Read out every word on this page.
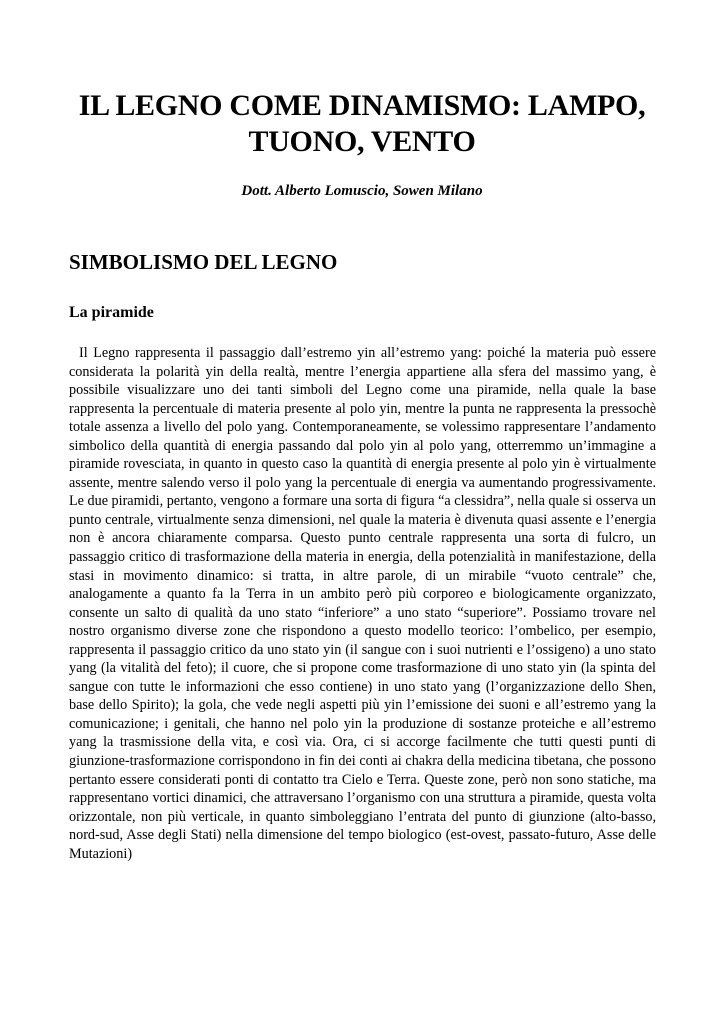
IL LEGNO COME DINAMISMO: LAMPO, TUONO, VENTO
Dott. Alberto Lomuscio, Sowen Milano
SIMBOLISMO DEL LEGNO
La piramide

Il Legno rappresenta il passaggio dall’estremo yin all’estremo yang: poiché la materia può essere considerata la polarità yin della realtà, mentre l’energia appartiene alla sfera del massimo yang, è possibile visualizzare uno dei tanti simboli del Legno come una piramide, nella quale la base rappresenta la percentuale di materia presente al polo yin, mentre la punta ne rappresenta la pressochè totale assenza a livello del polo yang. Contemporaneamente, se volessimo rappresentare l’andamento simbolico della quantità di energia passando dal polo yin al polo yang, otterremmo un’immagine a piramide rovesciata, in quanto in questo caso la quantità di energia presente al polo yin è virtualmente assente, mentre salendo verso il polo yang la percentuale di energia va aumentando progressivamente. Le due piramidi, pertanto, vengono a formare una sorta di figura “a clessidra”, nella quale si osserva un punto centrale, virtualmente senza dimensioni, nel quale la materia è divenuta quasi assente e l’energia non è ancora chiaramente comparsa. Questo punto centrale rappresenta una sorta di fulcro, un passaggio critico di trasformazione della materia in energia, della potenzialità in manifestazione, della stasi in movimento dinamico: si tratta, in altre parole, di un mirabile “vuoto centrale” che, analogamente a quanto fa la Terra in un ambito però più corporeo e biologicamente organizzato, consente un salto di qualità da uno stato “inferiore” a uno stato “superiore”. Possiamo trovare nel nostro organismo diverse zone che rispondono a questo modello teorico: l’ombelico, per esempio, rappresenta il passaggio critico da uno stato yin (il sangue con i suoi nutrienti e l’ossigeno) a uno stato yang (la vitalità del feto); il cuore, che si propone come trasformazione di uno stato yin (la spinta del sangue con tutte le informazioni che esso contiene) in uno stato yang (l’organizzazione dello Shen, base dello Spirito); la gola, che vede negli aspetti più yin l’emissione dei suoni e all’estremo yang la comunicazione; i genitali, che hanno nel polo yin la produzione di sostanze proteiche e all’estremo yang la trasmissione della vita, e così via. Ora, ci si accorge facilmente che tutti questi punti di giunzione-trasformazione corrispondono in fin dei conti ai chakra della medicina tibetana, che possono pertanto essere considerati ponti di contatto tra Cielo e Terra. Queste zone, però non sono statiche, ma rappresentano vortici dinamici, che attraversano l’organismo con una struttura a piramide, questa volta orizzontale, non più verticale, in quanto simboleggiano l’entrata del punto di giunzione (alto-basso, nord-sud, Asse degli Stati) nella dimensione del tempo biologico (est-ovest, passato-futuro, Asse delle Mutazioni)
